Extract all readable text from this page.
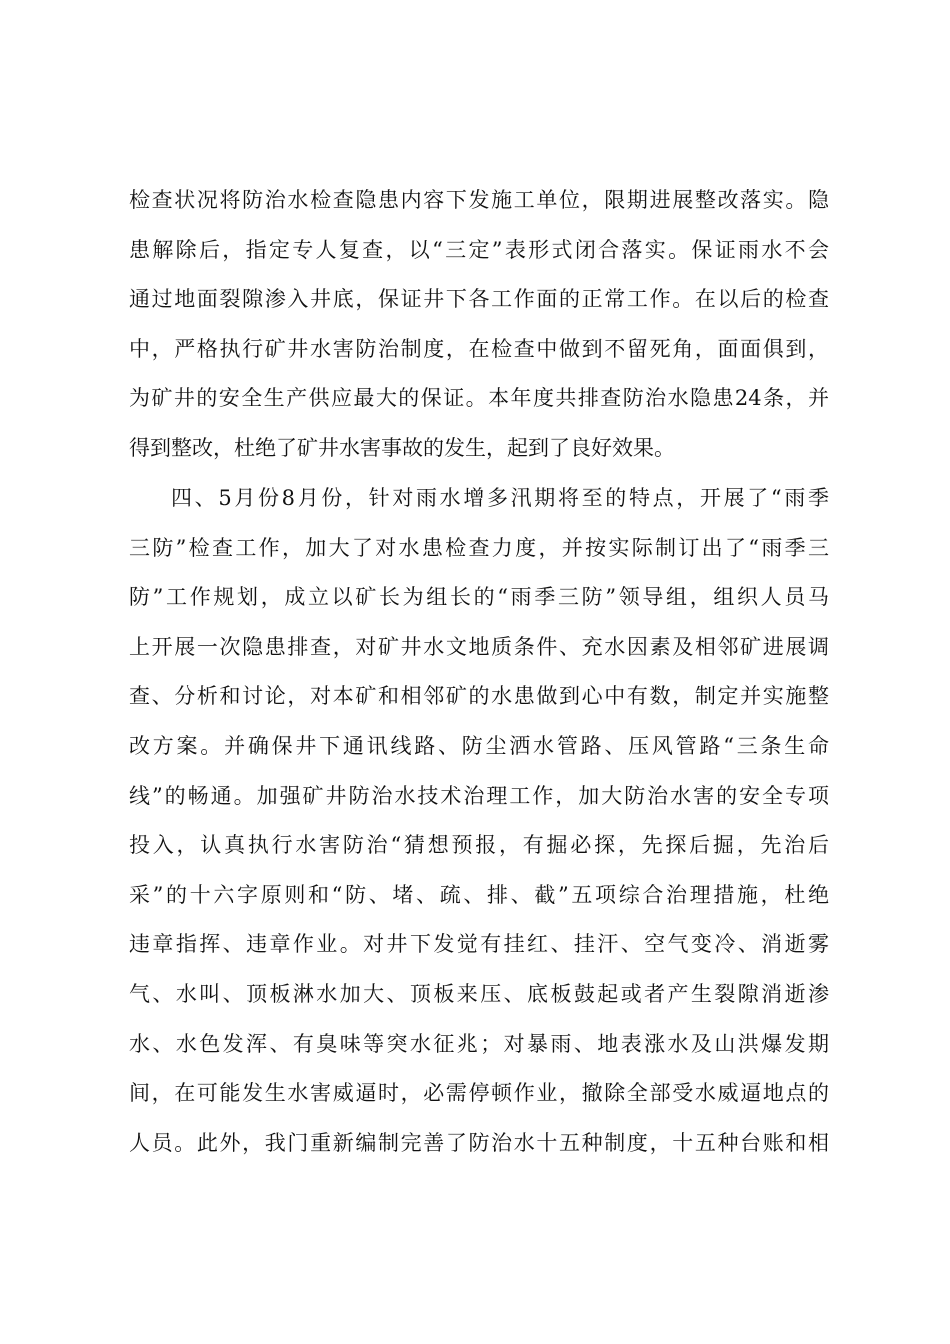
检查状况将防治水检查隐患内容下发施工单位，限期进展整改落实。隐
患解除后，指定专人复查，以“三定”表形式闭合落实。保证雨水不会
通过地面裂隙渗入井底，保证井下各工作面的正常工作。在以后的检查
中，严格执行矿井水害防治制度，在检查中做到不留死角，面面俱到，
为矿井的安全生产供应最大的保证。本年度共排查防治水隐患24条，并
得到整改，杜绝了矿井水害事故的发生，起到了良好效果。
四、5月份8月份，针对雨水增多汛期将至的特点，开展了“雨季
三防”检查工作，加大了对水患检查力度，并按实际制订出了“雨季三
防”工作规划，成立以矿长为组长的“雨季三防”领导组，组织人员马
上开展一次隐患排查，对矿井水文地质条件、充水因素及相邻矿进展调
查、分析和讨论，对本矿和相邻矿的水患做到心中有数，制定并实施整
改方案。并确保井下通讯线路、防尘洒水管路、压风管路“三条生命
线”的畅通。加强矿井防治水技术治理工作，加大防治水害的安全专项
投入，认真执行水害防治“猜想预报，有掘必探，先探后掘，先治后
采”的十六字原则和“防、堵、疏、排、截”五项综合治理措施，杜绝
违章指挥、违章作业。对井下发觉有挂红、挂汗、空气变冷、消逝雾
气、水叫、顶板淋水加大、顶板来压、底板鼓起或者产生裂隙消逝渗
水、水色发浑、有臭味等突水征兆；对暴雨、地表涨水及山洪爆发期
间，在可能发生水害威逼时，必需停顿作业，撤除全部受水威逼地点的
人员。此外，我门重新编制完善了防治水十五种制度，十五种台账和相
